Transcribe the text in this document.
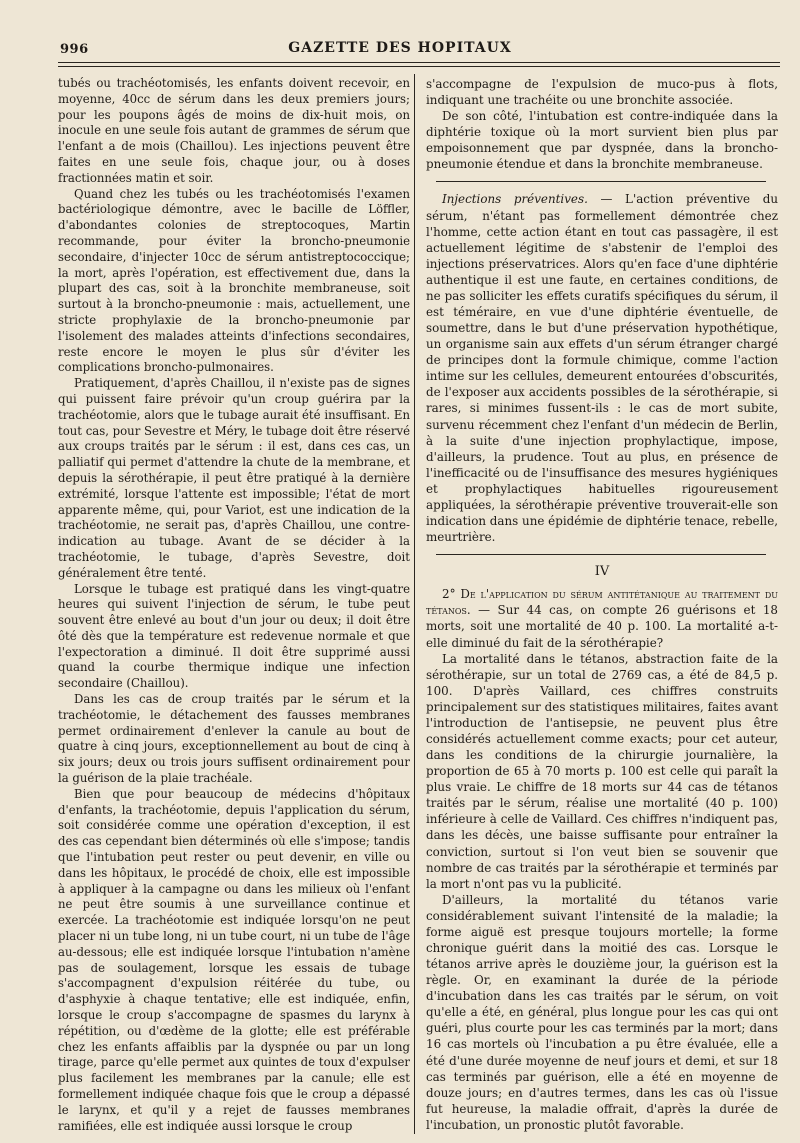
996	GAZETTE DES HOPITAUX

tubés ou trachéotomisés, les enfants doivent recevoir, en moyenne, 40cc de sérum dans les deux premiers jours; pour les poupons âgés de moins de dix-huit mois, on inocule en une seule fois autant de grammes de sérum que l'enfant a de mois (Chaillou). Les injections peuvent être faites en une seule fois, chaque jour, ou à doses fractionnées matin et soir.

Quand chez les tubés ou les trachéotomisés l'examen bactériologique démontre, avec le bacille de Löffler, d'abondantes colonies de streptocoques, Martin recommande, pour éviter la broncho-pneumonie secondaire, d'injecter 10cc de sérum antistreptococcique; la mort, après l'opération, est effectivement due, dans la plupart des cas, soit à la bronchite membraneuse, soit surtout à la broncho-pneumonie : mais, actuellement, une stricte prophylaxie de la broncho-pneumonie par l'isolement des malades atteints d'infections secondaires, reste encore le moyen le plus sûr d'éviter les complications broncho-pulmonaires.

Pratiquement, d'après Chaillou, il n'existe pas de signes qui puissent faire prévoir qu'un croup guérira par la trachéotomie, alors que le tubage aurait été insuffisant. En tout cas, pour Sevestre et Méry, le tubage doit être réservé aux croups traités par le sérum : il est, dans ces cas, un palliatif qui permet d'attendre la chute de la membrane, et depuis la sérothérapie, il peut être pratiqué à la dernière extrémité, lorsque l'attente est impossible; l'état de mort apparente même, qui, pour Variot, est une indication de la trachéotomie, ne serait pas, d'après Chaillou, une contre-indication au tubage. Avant de se décider à la trachéotomie, le tubage, d'après Sevestre, doit généralement être tenté.

Lorsque le tubage est pratiqué dans les vingt-quatre heures qui suivent l'injection de sérum, le tube peut souvent être enlevé au bout d'un jour ou deux; il doit être ôté dès que la température est redevenue normale et que l'expectoration a diminué. Il doit être supprimé aussi quand la courbe thermique indique une infection secondaire (Chaillou).

Dans les cas de croup traités par le sérum et la trachéotomie, le détachement des fausses membranes permet ordinairement d'enlever la canule au bout de quatre à cinq jours, exceptionnellement au bout de cinq à six jours; deux ou trois jours suffisent ordinairement pour la guérison de la plaie trachéale.

Bien que pour beaucoup de médecins d'hôpitaux d'enfants, la trachéotomie, depuis l'application du sérum, soit considérée comme une opération d'exception, il est des cas cependant bien déterminés où elle s'impose; tandis que l'intubation peut rester ou peut devenir, en ville ou dans les hôpitaux, le procédé de choix, elle est impossible à appliquer à la campagne ou dans les milieux où l'enfant ne peut être soumis à une surveillance continue et exercée. La trachéotomie est indiquée lorsqu'on ne peut placer ni un tube long, ni un tube court, ni un tube de l'âge au-dessous; elle est indiquée lorsque l'intubation n'amène pas de soulagement, lorsque les essais de tubage s'accompagnent d'expulsion réitérée du tube, ou d'asphyxie à chaque tentative; elle est indiquée, enfin, lorsque le croup s'accompagne de spasmes du larynx à répétition, ou d'œdème de la glotte; elle est préférable chez les enfants affaiblis par la dyspnée ou par un long tirage, parce qu'elle permet aux quintes de toux d'expulser plus facilement les membranes par la canule; elle est formellement indiquée chaque fois que le croup a dépassé le larynx, et qu'il y a rejet de fausses membranes ramifiées, elle est indiquée aussi lorsque le croup

s'accompagne de l'expulsion de muco-pus à flots, indiquant une trachéite ou une bronchite associée.

De son côté, l'intubation est contre-indiquée dans la diphtérie toxique où la mort survient bien plus par empoisonnement que par dyspnée, dans la broncho-pneumonie étendue et dans la bronchite membraneuse.

Injections préventives. — L'action préventive du sérum, n'étant pas formellement démontrée chez l'homme, cette action étant en tout cas passagère, il est actuellement légitime de s'abstenir de l'emploi des injections préservatrices. Alors qu'en face d'une diphtérie authentique il est une faute, en certaines conditions, de ne pas solliciter les effets curatifs spécifiques du sérum, il est téméraire, en vue d'une diphtérie éventuelle, de soumettre, dans le but d'une préservation hypothétique, un organisme sain aux effets d'un sérum étranger chargé de principes dont la formule chimique, comme l'action intime sur les cellules, demeurent entourées d'obscurités, de l'exposer aux accidents possibles de la sérothérapie, si rares, si minimes fussent-ils : le cas de mort subite, survenu récemment chez l'enfant d'un médecin de Berlin, à la suite d'une injection prophylactique, impose, d'ailleurs, la prudence. Tout au plus, en présence de l'inefficacité ou de l'insuffisance des mesures hygiéniques et prophylactiques habituelles rigoureusement appliquées, la sérothérapie préventive trouverait-elle son indication dans une épidémie de diphtérie tenace, rebelle, meurtrière.

IV

2° De l'application du sérum antitétanique au traitement du tétanos. — Sur 44 cas, on compte 26 guérisons et 18 morts, soit une mortalité de 40 p. 100. La mortalité a-t-elle diminué du fait de la sérothérapie?

La mortalité dans le tétanos, abstraction faite de la sérothérapie, sur un total de 2769 cas, a été de 84,5 p. 100. D'après Vaillard, ces chiffres construits principalement sur des statistiques militaires, faites avant l'introduction de l'antisepsie, ne peuvent plus être considérés actuellement comme exacts; pour cet auteur, dans les conditions de la chirurgie journalière, la proportion de 65 à 70 morts p. 100 est celle qui paraît la plus vraie. Le chiffre de 18 morts sur 44 cas de tétanos traités par le sérum, réalise une mortalité (40 p. 100) inférieure à celle de Vaillard. Ces chiffres n'indiquent pas, dans les décès, une baisse suffisante pour entraîner la conviction, surtout si l'on veut bien se souvenir que nombre de cas traités par la sérothérapie et terminés par la mort n'ont pas vu la publicité.

D'ailleurs, la mortalité du tétanos varie considérablement suivant l'intensité de la maladie; la forme aiguë est presque toujours mortelle; la forme chronique guérit dans la moitié des cas. Lorsque le tétanos arrive après le douzième jour, la guérison est la règle. Or, en examinant la durée de la période d'incubation dans les cas traités par le sérum, on voit qu'elle a été, en général, plus longue pour les cas qui ont guéri, plus courte pour les cas terminés par la mort; dans 16 cas mortels où l'incubation a pu être évaluée, elle a été d'une durée moyenne de neuf jours et demi, et sur 18 cas terminés par guérison, elle a été en moyenne de douze jours; en d'autres termes, dans les cas où l'issue fut heureuse, la maladie offrait, d'après la durée de l'incubation, un pronostic plutôt favorable.
